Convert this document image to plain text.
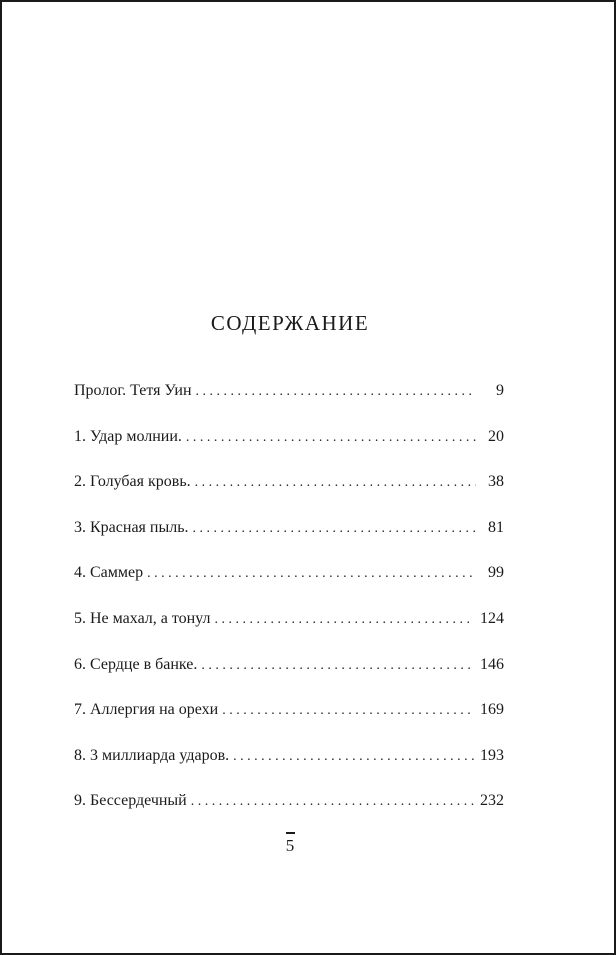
СОДЕРЖАНИЕ
Пролог. Тетя Уин . . .	9
1. Удар молнии. . . .	20
2. Голубая кровь. . . .	38
3. Красная пыль. . . .	81
4. Саммер . . .	99
5. Не махал, а тонул . . .	124
6. Сердце в банке. . . .	146
7. Аллергия на орехи . . .	169
8. 3 миллиарда ударов. . . .	193
9. Бессердечный . . .	232
5
